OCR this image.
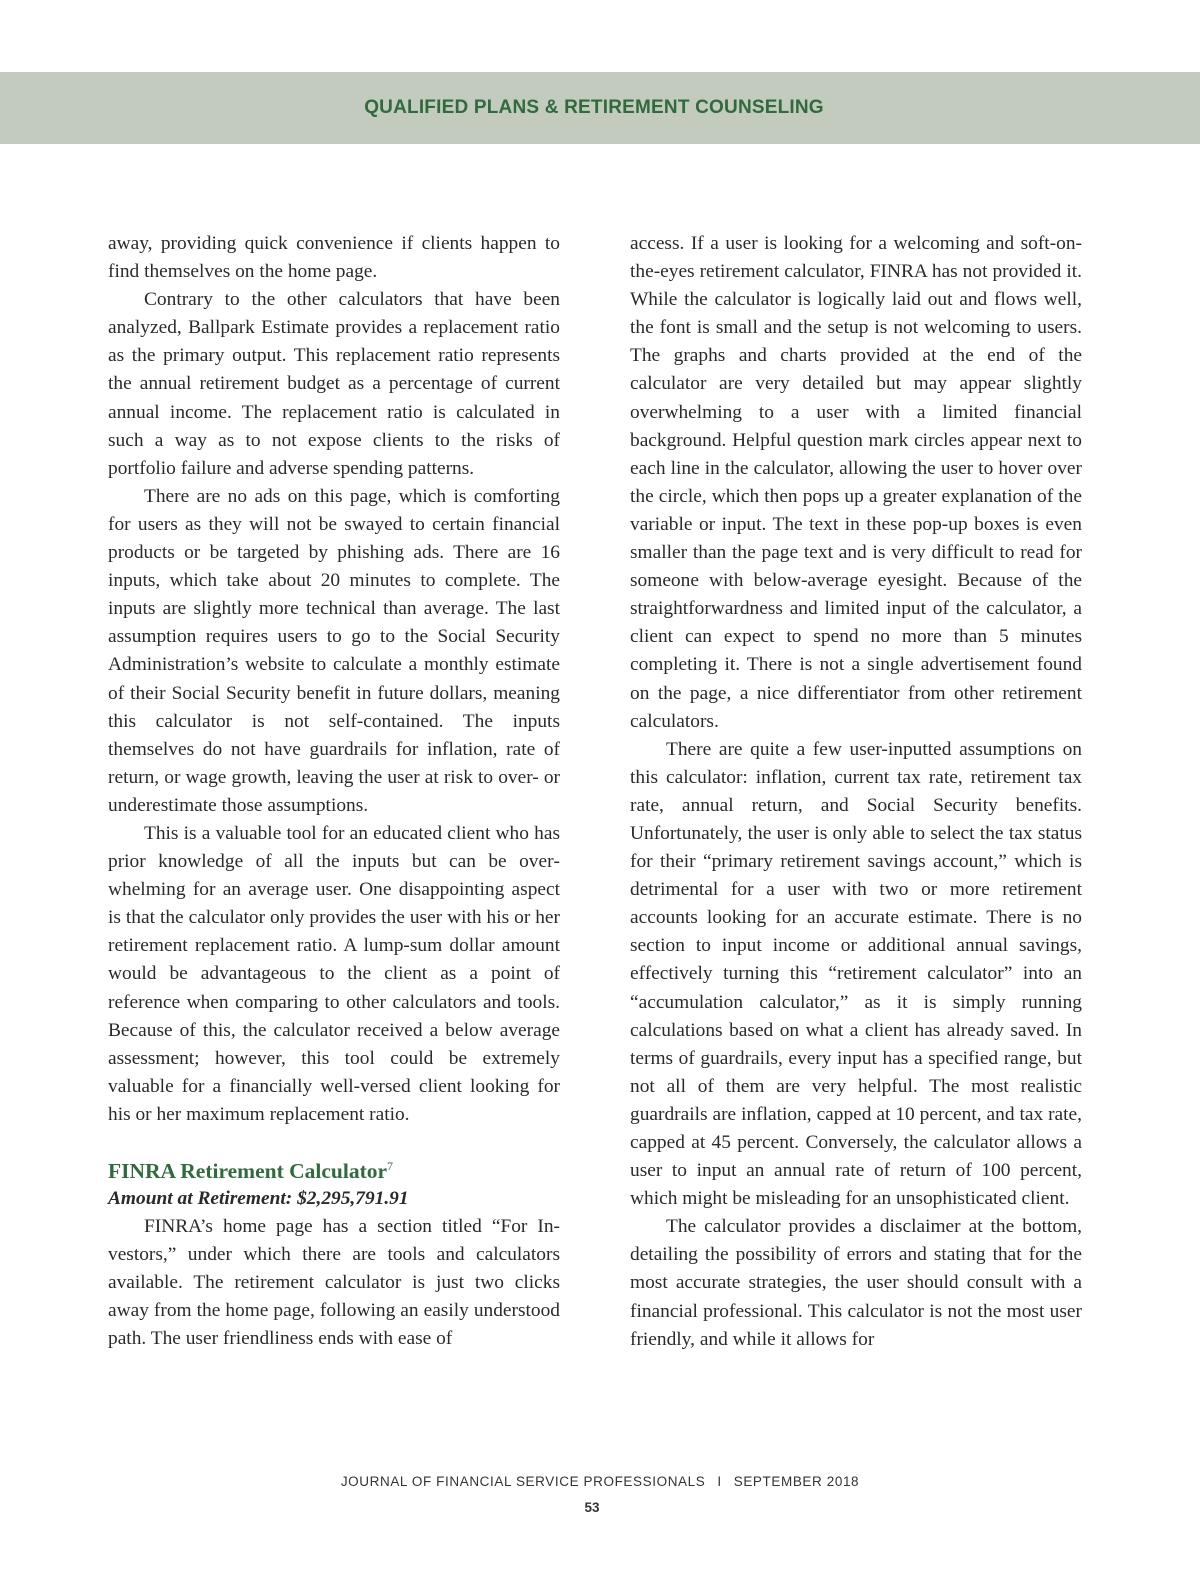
QUALIFIED PLANS & RETIREMENT COUNSELING

away, providing quick convenience if clients happen to find themselves on the home page.

Contrary to the other calculators that have been analyzed, Ballpark Estimate provides a replacement ratio as the primary output. This replacement ratio represents the annual retirement budget as a percentage of current annual income. The replacement ratio is calculated in such a way as to not expose clients to the risks of portfolio failure and adverse spending patterns.

There are no ads on this page, which is comforting for users as they will not be swayed to certain financial products or be targeted by phishing ads. There are 16 inputs, which take about 20 minutes to complete. The inputs are slightly more technical than average. The last assumption requires users to go to the Social Security Administration’s website to calculate a monthly estimate of their Social Security benefit in future dollars, meaning this calculator is not self-contained. The inputs themselves do not have guardrails for inflation, rate of return, or wage growth, leaving the user at risk to over- or underestimate those assumptions.

This is a valuable tool for an educated client who has prior knowledge of all the inputs but can be overwhelming for an average user. One disappointing aspect is that the calculator only provides the user with his or her retirement replacement ratio. A lump-sum dollar amount would be advantageous to the client as a point of reference when comparing to other calculators and tools. Because of this, the calculator received a below average assessment; however, this tool could be extremely valuable for a financially well-versed client looking for his or her maximum replacement ratio.

FINRA Retirement Calculator$^7$

Amount at Retirement: $2,295,791.91

FINRA’s home page has a section titled “For Investors,” under which there are tools and calculators available. The retirement calculator is just two clicks away from the home page, following an easily understood path. The user friendliness ends with ease of

access. If a user is looking for a welcoming and soft-on-the-eyes retirement calculator, FINRA has not provided it. While the calculator is logically laid out and flows well, the font is small and the setup is not welcoming to users. The graphs and charts provided at the end of the calculator are very detailed but may appear slightly overwhelming to a user with a limited financial background. Helpful question mark circles appear next to each line in the calculator, allowing the user to hover over the circle, which then pops up a greater explanation of the variable or input. The text in these pop-up boxes is even smaller than the page text and is very difficult to read for someone with below-average eyesight. Because of the straightforwardness and limited input of the calculator, a client can expect to spend no more than 5 minutes completing it. There is not a single advertisement found on the page, a nice differentiator from other retirement calculators.

There are quite a few user-inputted assumptions on this calculator: inflation, current tax rate, retirement tax rate, annual return, and Social Security benefits. Unfortunately, the user is only able to select the tax status for their “primary retirement savings account,” which is detrimental for a user with two or more retirement accounts looking for an accurate estimate. There is no section to input income or additional annual savings, effectively turning this “retirement calculator” into an “accumulation calculator,” as it is simply running calculations based on what a client has already saved. In terms of guardrails, every input has a specified range, but not all of them are very helpful. The most realistic guardrails are inflation, capped at 10 percent, and tax rate, capped at 45 percent. Conversely, the calculator allows a user to input an annual rate of return of 100 percent, which might be misleading for an unsophisticated client.

The calculator provides a disclaimer at the bottom, detailing the possibility of errors and stating that for the most accurate strategies, the user should consult with a financial professional. This calculator is not the most user friendly, and while it allows for

JOURNAL OF FINANCIAL SERVICE PROFESSIONALS I SEPTEMBER 2018
53
